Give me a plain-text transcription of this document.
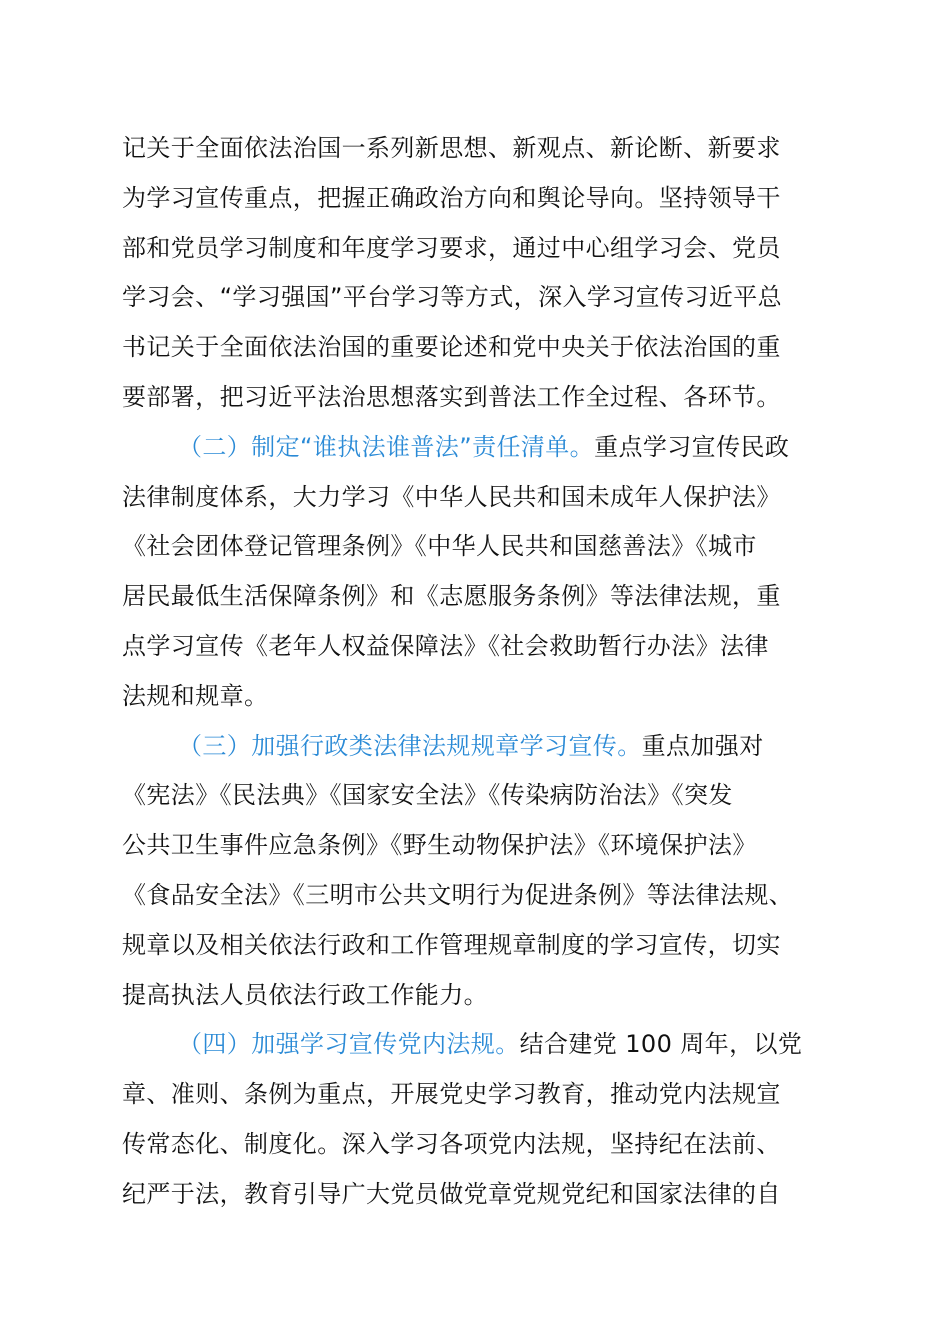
记关于全面依法治国一系列新思想、新观点、新论断、新要求
为学习宣传重点，把握正确政治方向和舆论导向。坚持领导干
部和党员学习制度和年度学习要求，通过中心组学习会、党员
学习会、“学习强国”平台学习等方式，深入学习宣传习近平总
书记关于全面依法治国的重要论述和党中央关于依法治国的重
要部署，把习近平法治思想落实到普法工作全过程、各环节。
（二）制定“谁执法谁普法”责任清单。重点学习宣传民政
法律制度体系，大力学习《中华人民共和国未成年人保护法》
《社会团体登记管理条例》《中华人民共和国慈善法》《城市
居民最低生活保障条例》和《志愿服务条例》等法律法规，重
点学习宣传《老年人权益保障法》《社会救助暂行办法》法律
法规和规章。
（三）加强行政类法律法规规章学习宣传。重点加强对
《宪法》《民法典》《国家安全法》《传染病防治法》《突发
公共卫生事件应急条例》《野生动物保护法》《环境保护法》
《食品安全法》《三明市公共文明行为促进条例》等法律法规、
规章以及相关依法行政和工作管理规章制度的学习宣传，切实
提高执法人员依法行政工作能力。
（四）加强学习宣传党内法规。结合建党 100 周年，以党
章、准则、条例为重点，开展党史学习教育，推动党内法规宣
传常态化、制度化。深入学习各项党内法规，坚持纪在法前、
纪严于法，教育引导广大党员做党章党规党纪和国家法律的自
